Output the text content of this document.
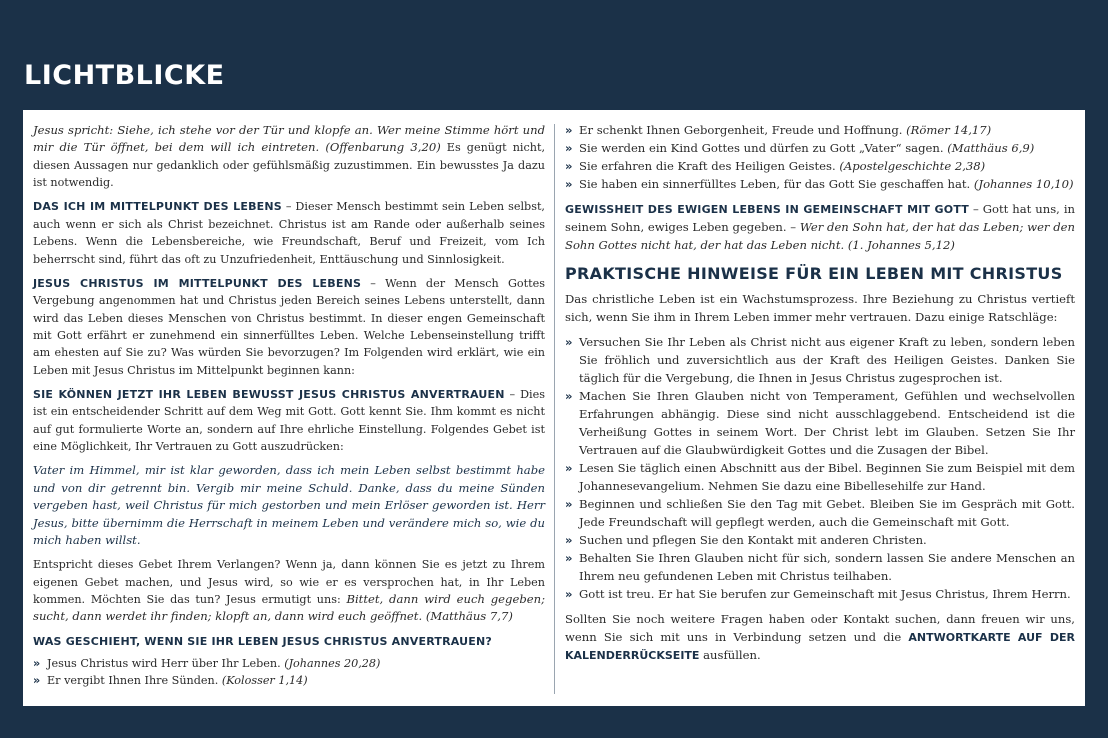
LICHTBLICKE

Jesus spricht: Siehe, ich stehe vor der Tür und klopfe an. Wer meine Stimme hört und mir die Tür öffnet, bei dem will ich eintreten. (Offenbarung 3,20) Es genügt nicht, diesen Aussagen nur gedanklich oder gefühlsmäßig zuzustimmen. Ein bewusstes Ja dazu ist notwendig.

DAS ICH IM MITTELPUNKT DES LEBENS – Dieser Mensch bestimmt sein Leben selbst, auch wenn er sich als Christ bezeichnet. Christus ist am Rande oder außerhalb seines Lebens. Wenn die Lebensbereiche, wie Freundschaft, Beruf und Freizeit, vom Ich beherrscht sind, führt das oft zu Unzufriedenheit, Enttäuschung und Sinnlosigkeit.

JESUS CHRISTUS IM MITTELPUNKT DES LEBENS – Wenn der Mensch Gottes Vergebung angenommen hat und Christus jeden Bereich seines Lebens unterstellt, dann wird das Leben dieses Menschen von Christus bestimmt. In dieser engen Gemeinschaft mit Gott erfährt er zunehmend ein sinnerfülltes Leben. Welche Lebenseinstellung trifft am ehesten auf Sie zu? Was würden Sie bevorzugen? Im Folgenden wird erklärt, wie ein Leben mit Jesus Christus im Mittelpunkt beginnen kann:

SIE KÖNNEN JETZT IHR LEBEN BEWUSST JESUS CHRISTUS ANVERTRAUEN – Dies ist ein entscheidender Schritt auf dem Weg mit Gott. Gott kennt Sie. Ihm kommt es nicht auf gut formulierte Worte an, sondern auf Ihre ehrliche Einstellung. Folgendes Gebet ist eine Möglichkeit, Ihr Vertrauen zu Gott auszudrücken:

Vater im Himmel, mir ist klar geworden, dass ich mein Leben selbst bestimmt habe und von dir getrennt bin. Vergib mir meine Schuld. Danke, dass du meine Sünden vergeben hast, weil Christus für mich gestorben und mein Erlöser geworden ist. Herr Jesus, bitte übernimm die Herrschaft in meinem Leben und verändere mich so, wie du mich haben willst.

Entspricht dieses Gebet Ihrem Verlangen? Wenn ja, dann können Sie es jetzt zu Ihrem eigenen Gebet machen, und Jesus wird, so wie er es versprochen hat, in Ihr Leben kommen. Möchten Sie das tun? Jesus ermutigt uns: Bittet, dann wird euch gegeben; sucht, dann werdet ihr finden; klopft an, dann wird euch geöffnet. (Matthäus 7,7)

WAS GESCHIEHT, WENN SIE IHR LEBEN JESUS CHRISTUS ANVERTRAUEN?

» Jesus Christus wird Herr über Ihr Leben. (Johannes 20,28)
» Er vergibt Ihnen Ihre Sünden. (Kolosser 1,14)
» Er schenkt Ihnen Geborgenheit, Freude und Hoffnung. (Römer 14,17)
» Sie werden ein Kind Gottes und dürfen zu Gott „Vater“ sagen. (Matthäus 6,9)
» Sie erfahren die Kraft des Heiligen Geistes. (Apostelgeschichte 2,38)
» Sie haben ein sinnerfülltes Leben, für das Gott Sie geschaffen hat. (Johannes 10,10)

GEWISSHEIT DES EWIGEN LEBENS IN GEMEINSCHAFT MIT GOTT – Gott hat uns, in seinem Sohn, ewiges Leben gegeben. – Wer den Sohn hat, der hat das Leben; wer den Sohn Gottes nicht hat, der hat das Leben nicht. (1. Johannes 5,12)

PRAKTISCHE HINWEISE FÜR EIN LEBEN MIT CHRISTUS

Das christliche Leben ist ein Wachstumsprozess. Ihre Beziehung zu Christus vertieft sich, wenn Sie ihm in Ihrem Leben immer mehr vertrauen. Dazu einige Ratschläge:

» Versuchen Sie Ihr Leben als Christ nicht aus eigener Kraft zu leben, sondern leben Sie fröhlich und zuversichtlich aus der Kraft des Heiligen Geistes. Danken Sie täglich für die Vergebung, die Ihnen in Jesus Christus zugesprochen ist.
» Machen Sie Ihren Glauben nicht von Temperament, Gefühlen und wechselvollen Erfahrungen abhängig. Diese sind nicht ausschlaggebend. Entscheidend ist die Verheißung Gottes in seinem Wort. Der Christ lebt im Glauben. Setzen Sie Ihr Vertrauen auf die Glaubwürdigkeit Gottes und die Zusagen der Bibel.
» Lesen Sie täglich einen Abschnitt aus der Bibel. Beginnen Sie zum Beispiel mit dem Johannesevangelium. Nehmen Sie dazu eine Bibellesehilfe zur Hand.
» Beginnen und schließen Sie den Tag mit Gebet. Bleiben Sie im Gespräch mit Gott. Jede Freundschaft will gepflegt werden, auch die Gemeinschaft mit Gott.
» Suchen und pflegen Sie den Kontakt mit anderen Christen.
» Behalten Sie Ihren Glauben nicht für sich, sondern lassen Sie andere Menschen an Ihrem neu gefundenen Leben mit Christus teilhaben.
» Gott ist treu. Er hat Sie berufen zur Gemeinschaft mit Jesus Christus, Ihrem Herrn.

Sollten Sie noch weitere Fragen haben oder Kontakt suchen, dann freuen wir uns, wenn Sie sich mit uns in Verbindung setzen und die ANTWORTKARTE AUF DER KALENDERRÜCKSEITE ausfüllen.
